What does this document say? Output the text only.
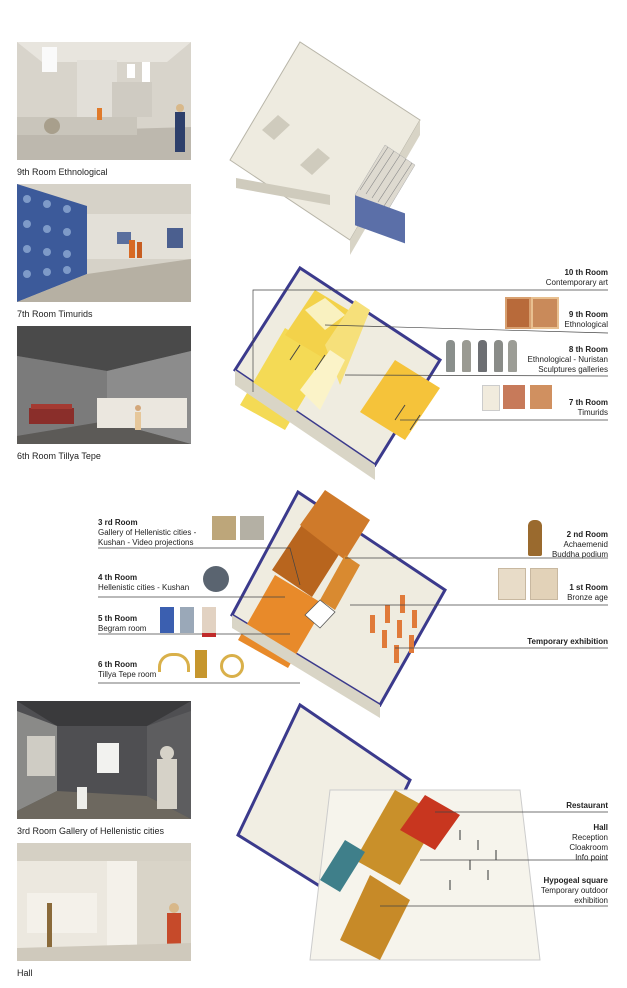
9th Room Ethnological
7th Room Timurids
6th Room Tillya Tepe
3rd Room Gallery of Hellenistic cities
Hall
10 th Room
Contemporary art
9 th Room
Ethnological
8 th Room
Ethnological - Nuristan
Sculptures galleries
7 th Room
Timurids
3 rd Room
Gallery of Hellenistic cities -
Kushan - Video projections
4 th Room
Hellenistic cities - Kushan
5 th Room
Begram room
6 th Room
Tillya Tepe room
2 nd Room
Achaemenid
Buddha podium
1 st Room
Bronze age
Temporary exhibition
Restaurant
Hall
Reception
Cloakroom
Info point
Hypogeal square
Temporary outdoor
exhibition
